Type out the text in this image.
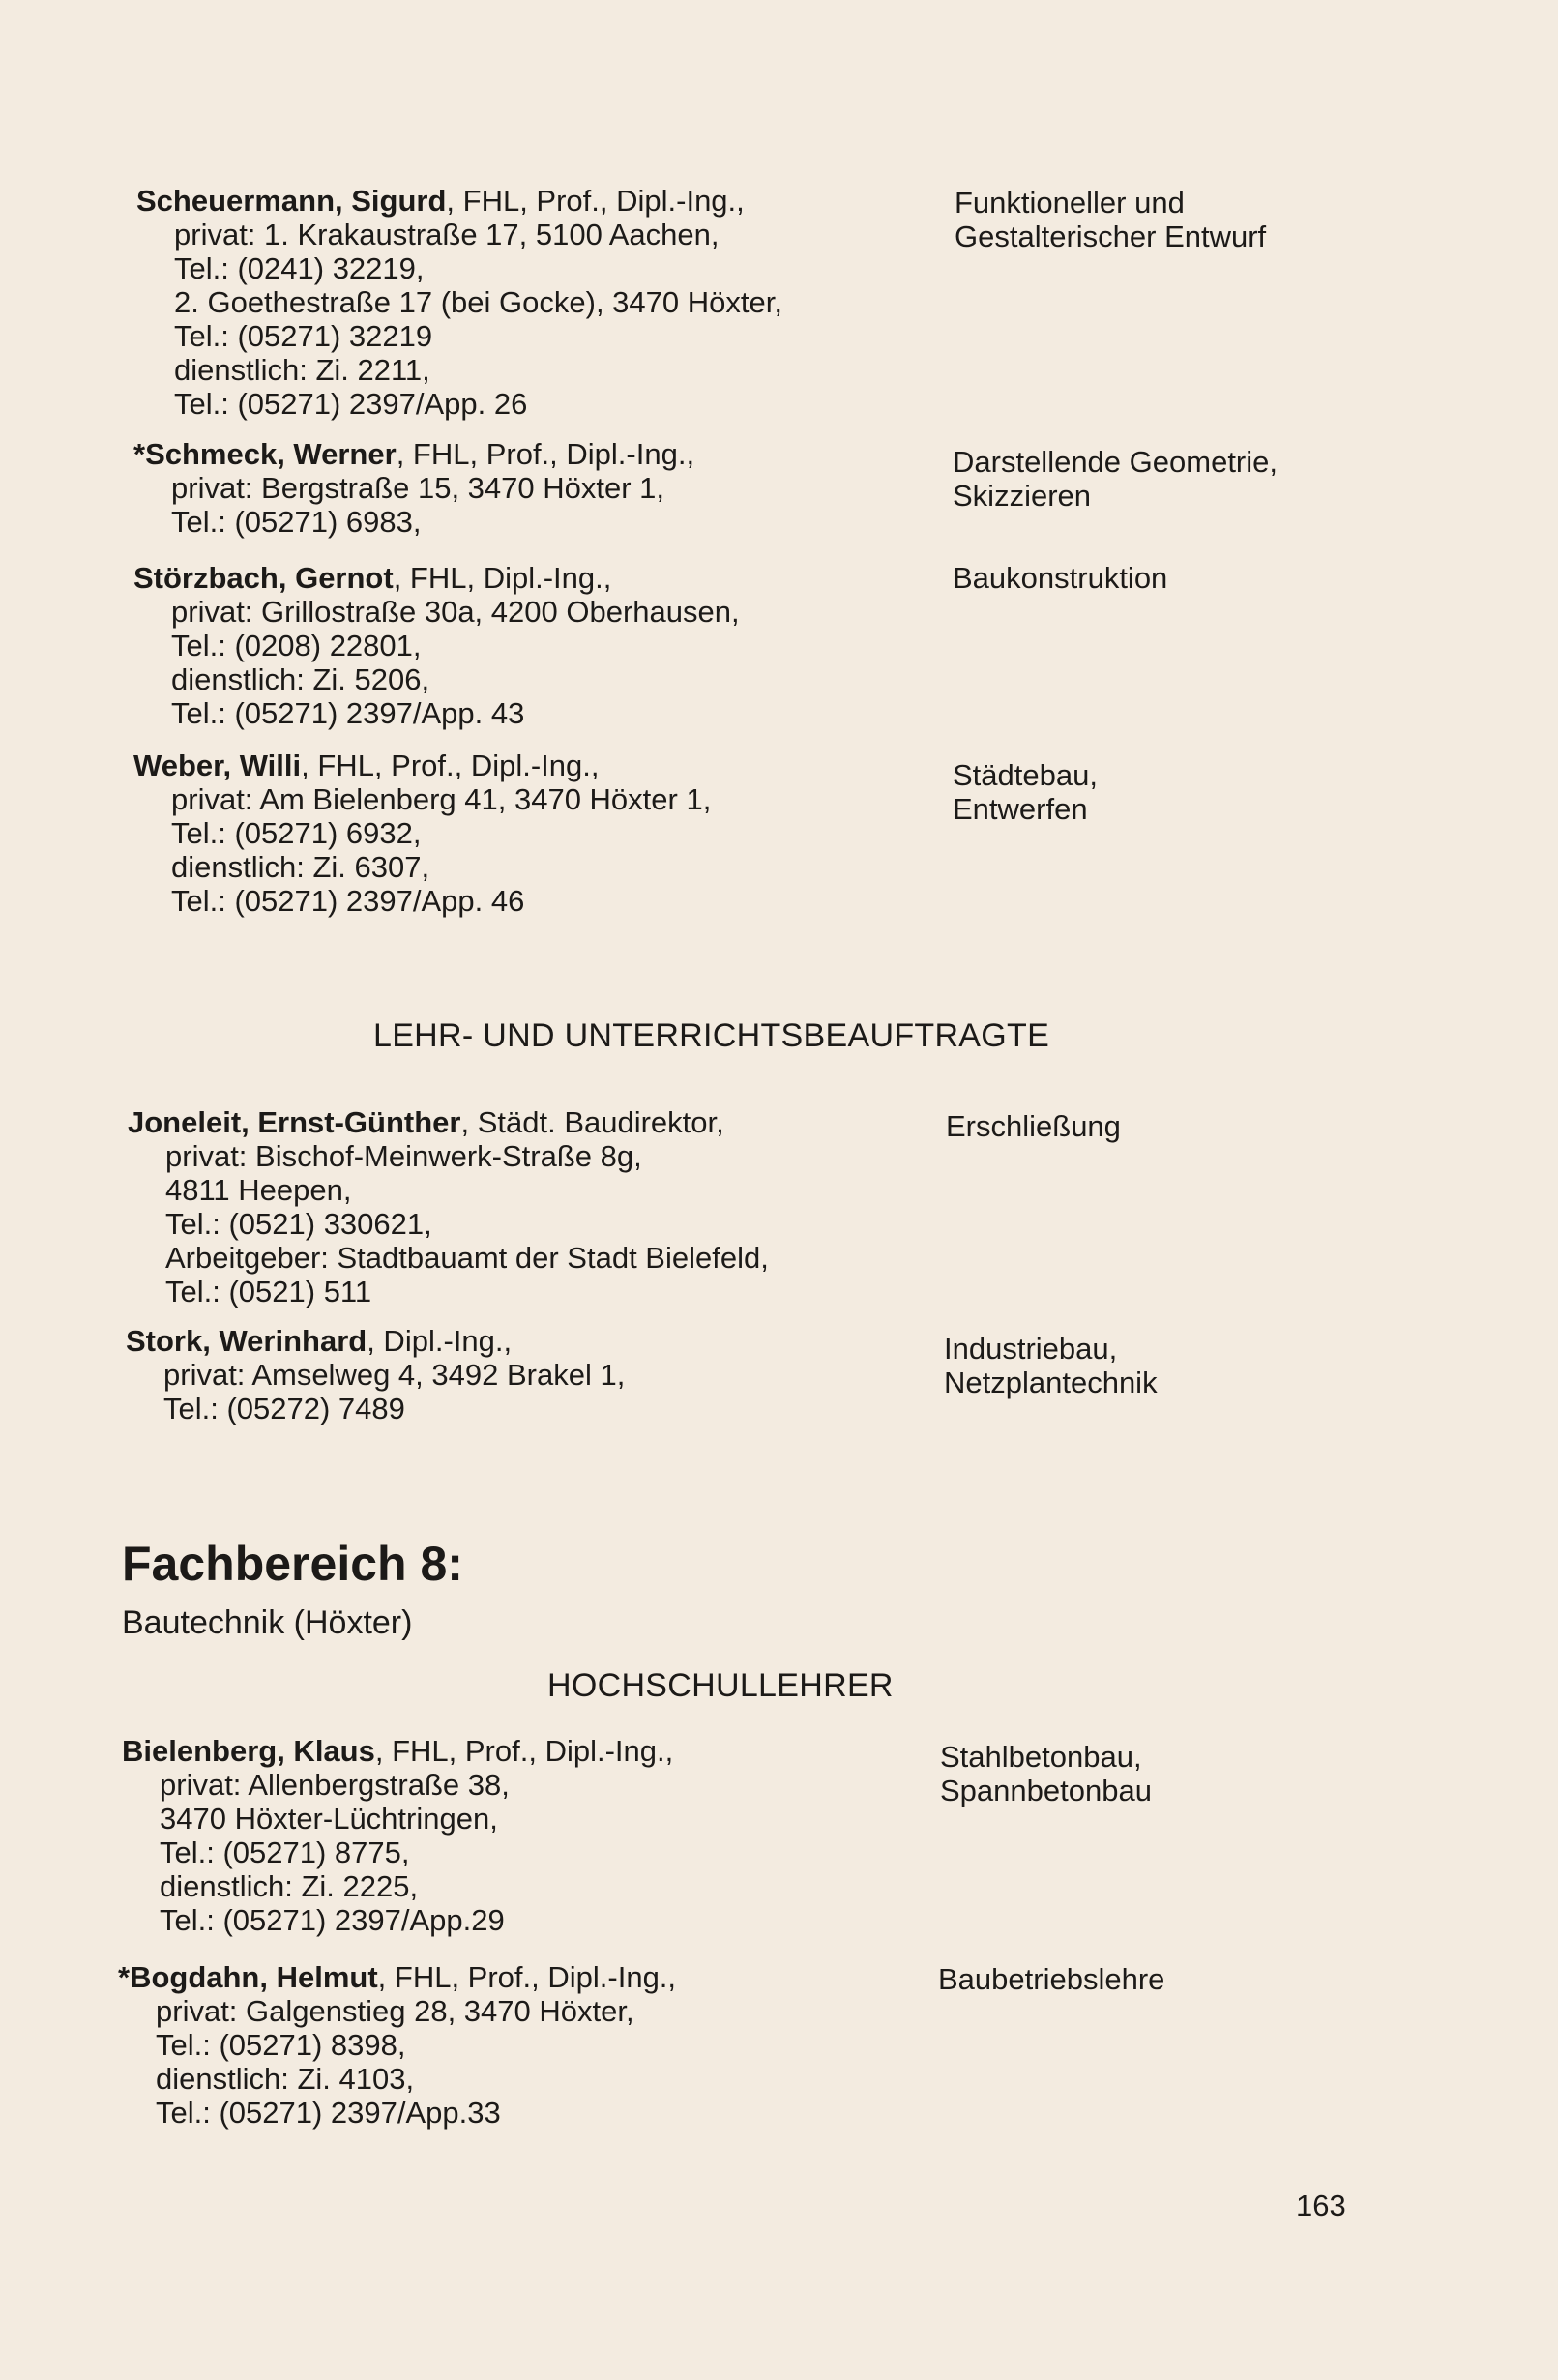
Scheuermann, Sigurd, FHL, Prof., Dipl.-Ing.,

privat: 1. Krakaustraße 17, 5100 Aachen,

Tel.: (0241) 32219,

2. Goethestraße 17 (bei Gocke), 3470 Höxter,

Tel.: (05271) 32219

dienstlich: Zi. 2211,

Tel.: (05271) 2397/App. 26

Funktioneller und
Gestalterischer Entwurf

*Schmeck, Werner, FHL, Prof., Dipl.-Ing.,

privat: Bergstraße 15, 3470 Höxter 1,

Tel.: (05271) 6983,

Darstellende Geometrie,
Skizzieren

Störzbach, Gernot, FHL, Dipl.-Ing.,

privat: Grillostraße 30a, 4200 Oberhausen,

Tel.: (0208) 22801,

dienstlich: Zi. 5206,

Tel.: (05271) 2397/App. 43

Baukonstruktion

Weber, Willi, FHL, Prof., Dipl.-Ing.,

privat: Am Bielenberg 41, 3470 Höxter 1,

Tel.: (05271) 6932,

dienstlich: Zi. 6307,

Tel.: (05271) 2397/App. 46

Städtebau,
Entwerfen
LEHR- UND UNTERRICHTSBEAUFTRAGTE

Joneleit, Ernst-Günther, Städt. Baudirektor,

privat: Bischof-Meinwerk-Straße 8g,

4811 Heepen,

Tel.: (0521) 330621,

Arbeitgeber: Stadtbauamt der Stadt Bielefeld,

Tel.: (0521) 511

Erschließung

Stork, Werinhard, Dipl.-Ing.,

privat: Amselweg 4, 3492 Brakel 1,

Tel.: (05272) 7489

Industriebau,
Netzplantechnik
Fachbereich 8:
Bautechnik (Höxter)
HOCHSCHULLEHRER

Bielenberg, Klaus, FHL, Prof., Dipl.-Ing.,

privat: Allenbergstraße 38,

3470 Höxter-Lüchtringen,

Tel.: (05271) 8775,

dienstlich: Zi. 2225,

Tel.: (05271) 2397/App.29

Stahlbetonbau,
Spannbetonbau

*Bogdahn, Helmut, FHL, Prof., Dipl.-Ing.,

privat: Galgenstieg 28, 3470 Höxter,

Tel.: (05271) 8398,

dienstlich: Zi. 4103,

Tel.: (05271) 2397/App.33

Baubetriebslehre
163
